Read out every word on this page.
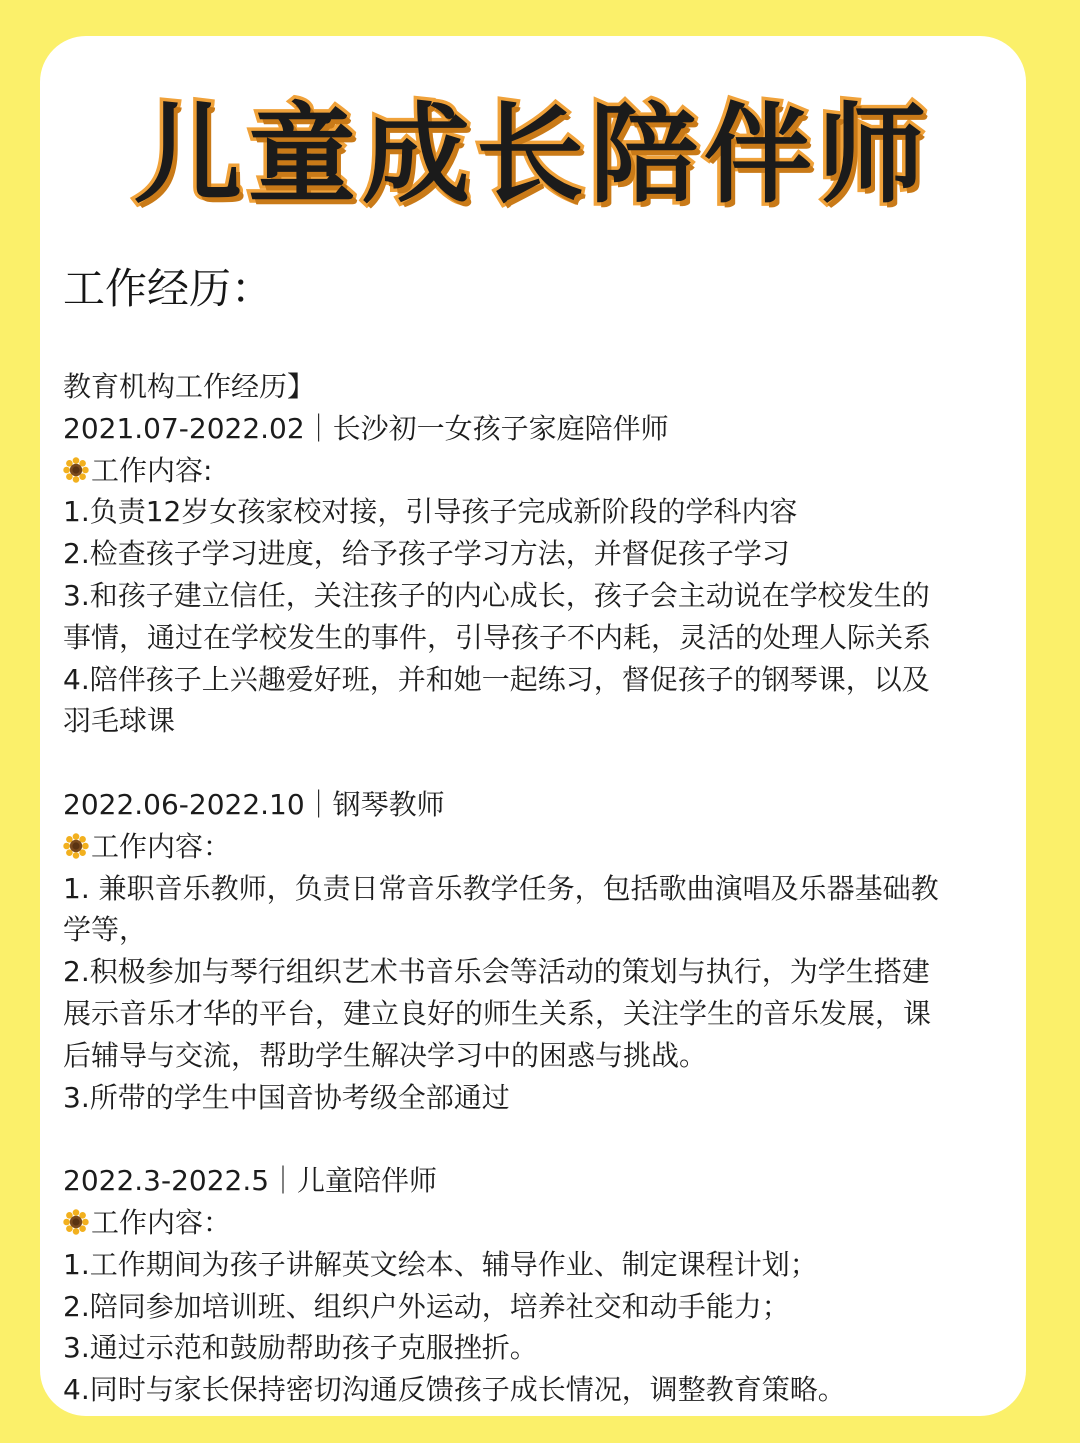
儿童成长陪伴师
工作经历：
教育机构工作经历】
2021.07-2022.02｜长沙初一女孩子家庭陪伴师
工作内容:
1.负责12岁女孩家校对接，引导孩子完成新阶段的学科内容
2.检查孩子学习进度，给予孩子学习方法，并督促孩子学习
3.和孩子建立信任，关注孩子的内心成长，孩子会主动说在学校发生的
事情，通过在学校发生的事件，引导孩子不内耗，灵活的处理人际关系
4.陪伴孩子上兴趣爱好班，并和她一起练习，督促孩子的钢琴课，以及
羽毛球课
2022.06-2022.10｜钢琴教师
工作内容：
1. 兼职音乐教师，负责日常音乐教学任务，包括歌曲演唱及乐器基础教
学等，
2.积极参加与琴行组织艺术书音乐会等活动的策划与执行，为学生搭建
展示音乐才华的平台，建立良好的师生关系，关注学生的音乐发展，课
后辅导与交流，帮助学生解决学习中的困惑与挑战。
3.所带的学生中国音协考级全部通过
2022.3-2022.5｜儿童陪伴师
工作内容：
1.工作期间为孩子讲解英文绘本、辅导作业、制定课程计划；
2.陪同参加培训班、组织户外运动，培养社交和动手能力；
3.通过示范和鼓励帮助孩子克服挫折。
4.同时与家长保持密切沟通反馈孩子成长情况，调整教育策略。
